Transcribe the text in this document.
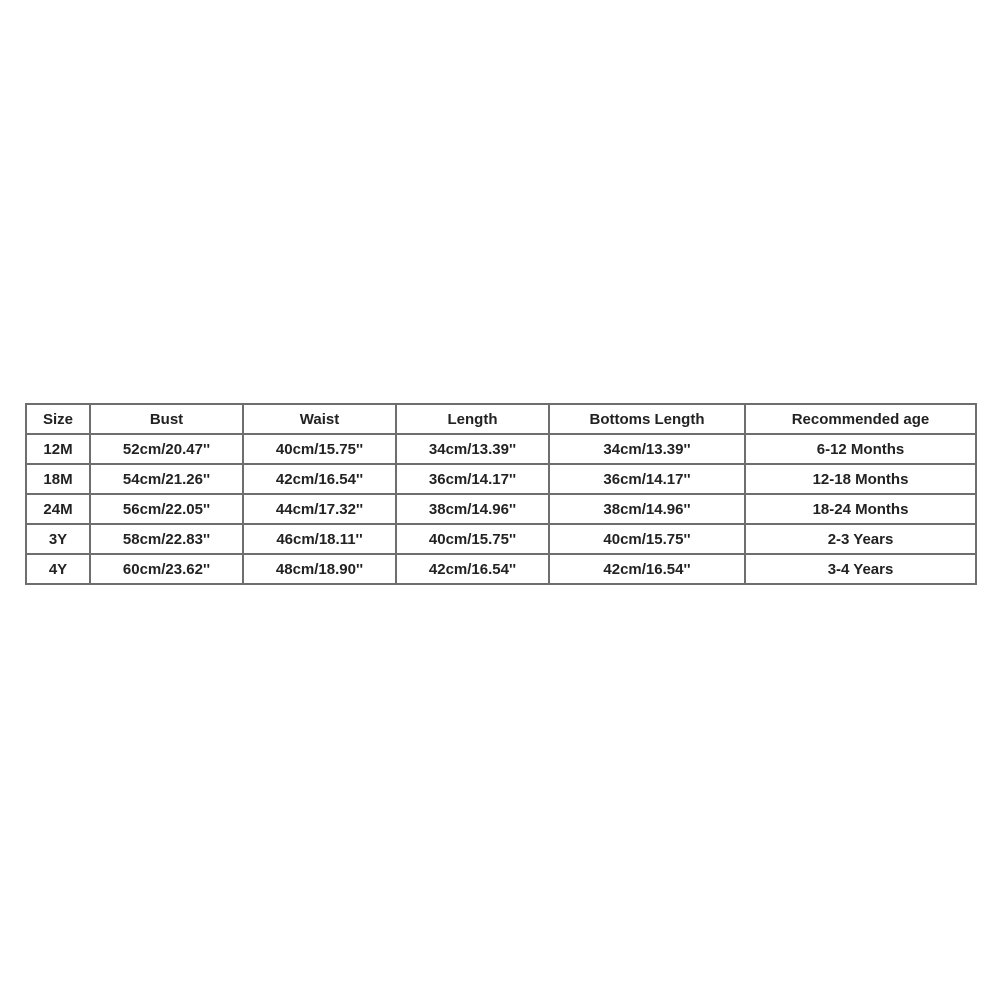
Size	Bust	Waist	Length	Bottoms Length	Recommended age
12M	52cm/20.47''	40cm/15.75''	34cm/13.39''	34cm/13.39''	6-12 Months
18M	54cm/21.26''	42cm/16.54''	36cm/14.17''	36cm/14.17''	12-18 Months
24M	56cm/22.05''	44cm/17.32''	38cm/14.96''	38cm/14.96''	18-24 Months
3Y	58cm/22.83''	46cm/18.11''	40cm/15.75''	40cm/15.75''	2-3 Years
4Y	60cm/23.62''	48cm/18.90''	42cm/16.54''	42cm/16.54''	3-4 Years
